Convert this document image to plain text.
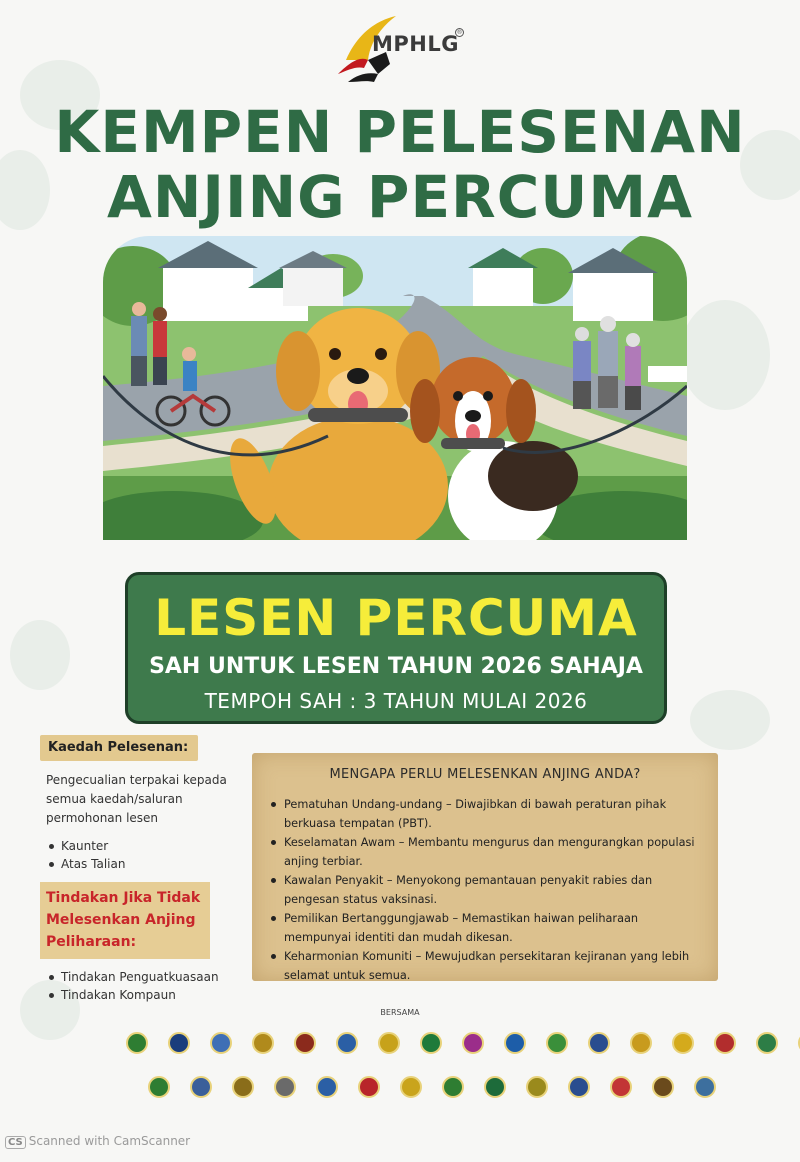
MPHLG
®
KEMPEN PELESENAN
ANJING PERCUMA
LESEN PERCUMA
SAH UNTUK LESEN TAHUN 2026 SAHAJA
TEMPOH SAH : 3 TAHUN MULAI 2026
Kaedah Pelesenan:
Pengecualian terpakai kepada semua kaedah/saluran permohonan lesen
Kaunter
Atas Talian
Tindakan Jika Tidak Melesenkan Anjing Peliharaan:
Tindakan Penguatkuasaan
Tindakan Kompaun
MENGAPA PERLU MELESENKAN ANJING ANDA?
Pematuhan Undang-undang – Diwajibkan di bawah peraturan pihak berkuasa tempatan (PBT).
Keselamatan Awam – Membantu mengurus dan mengurangkan populasi anjing terbiar.
Kawalan Penyakit – Menyokong pemantauan penyakit rabies dan pengesan status vaksinasi.
Pemilikan Bertanggungjawab – Memastikan haiwan peliharaan mempunyai identiti dan mudah dikesan.
Keharmonian Komuniti – Mewujudkan persekitaran kejiranan yang lebih selamat untuk semua.
BERSAMA
CS Scanned with CamScanner
